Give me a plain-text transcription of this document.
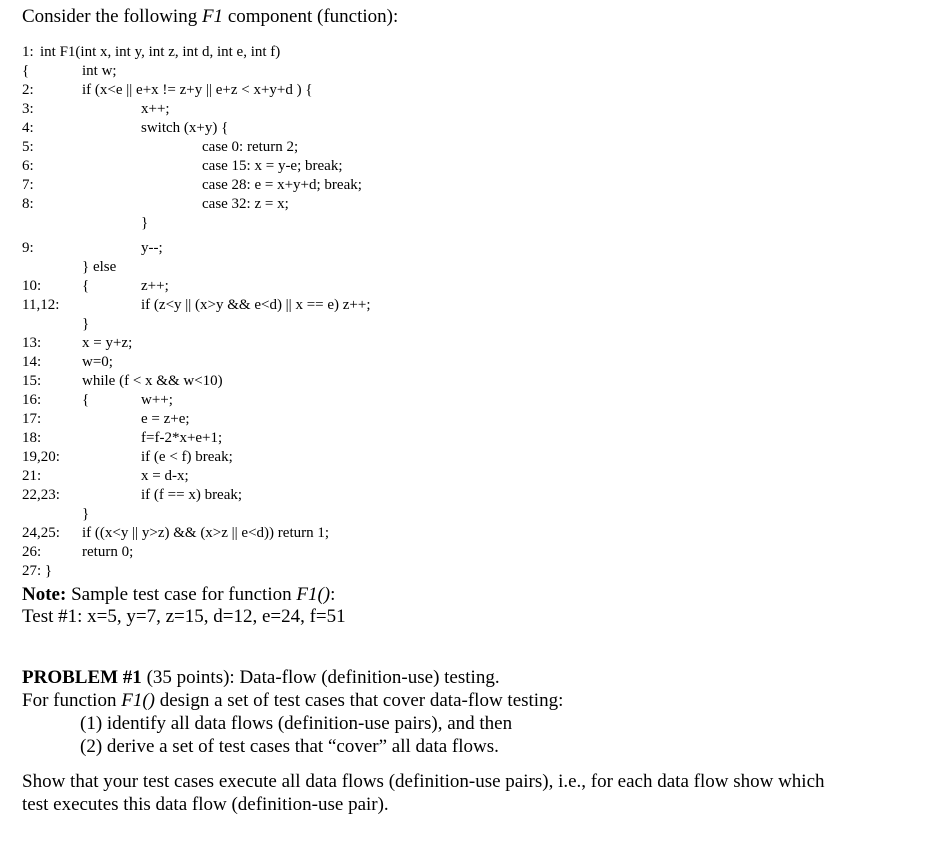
Consider the following F1 component (function):
1: int F1(int x, int y, int z, int d, int e, int f)
{	int w;
2:	if (x<e || e+x != z+y || e+z < x+y+d ) {
3:	x++;
4:	switch (x+y) {
5:	case 0: return 2;
6:	case 15: x = y-e; break;
7:	case 28: e = x+y+d; break;
8:	case 32: z = x;
}
9:	y--;
} else
10:	{	z++;
11,12:	if (z<y || (x>y && e<d) || x == e) z++;
}
13:	x = y+z;
14:	w=0;
15:	while (f < x && w<10)
16:	{	w++;
17:	e = z+e;
18:	f=f-2*x+e+1;
19,20:	if (e < f) break;
21:	x = d-x;
22,23:	if (f == x) break;
}
24,25: if ((x<y || y>z) && (x>z || e<d)) return 1;
26:	return 0;
27: }
Note: Sample test case for function F1():
Test #1: x=5, y=7, z=15, d=12, e=24, f=51
PROBLEM #1 (35 points): Data-flow (definition-use) testing.
For function F1() design a set of test cases that cover data-flow testing:
(1) identify all data flows (definition-use pairs), and then
(2) derive a set of test cases that “cover” all data flows.
Show that your test cases execute all data flows (definition-use pairs), i.e., for each data flow show which
test executes this data flow (definition-use pair).
